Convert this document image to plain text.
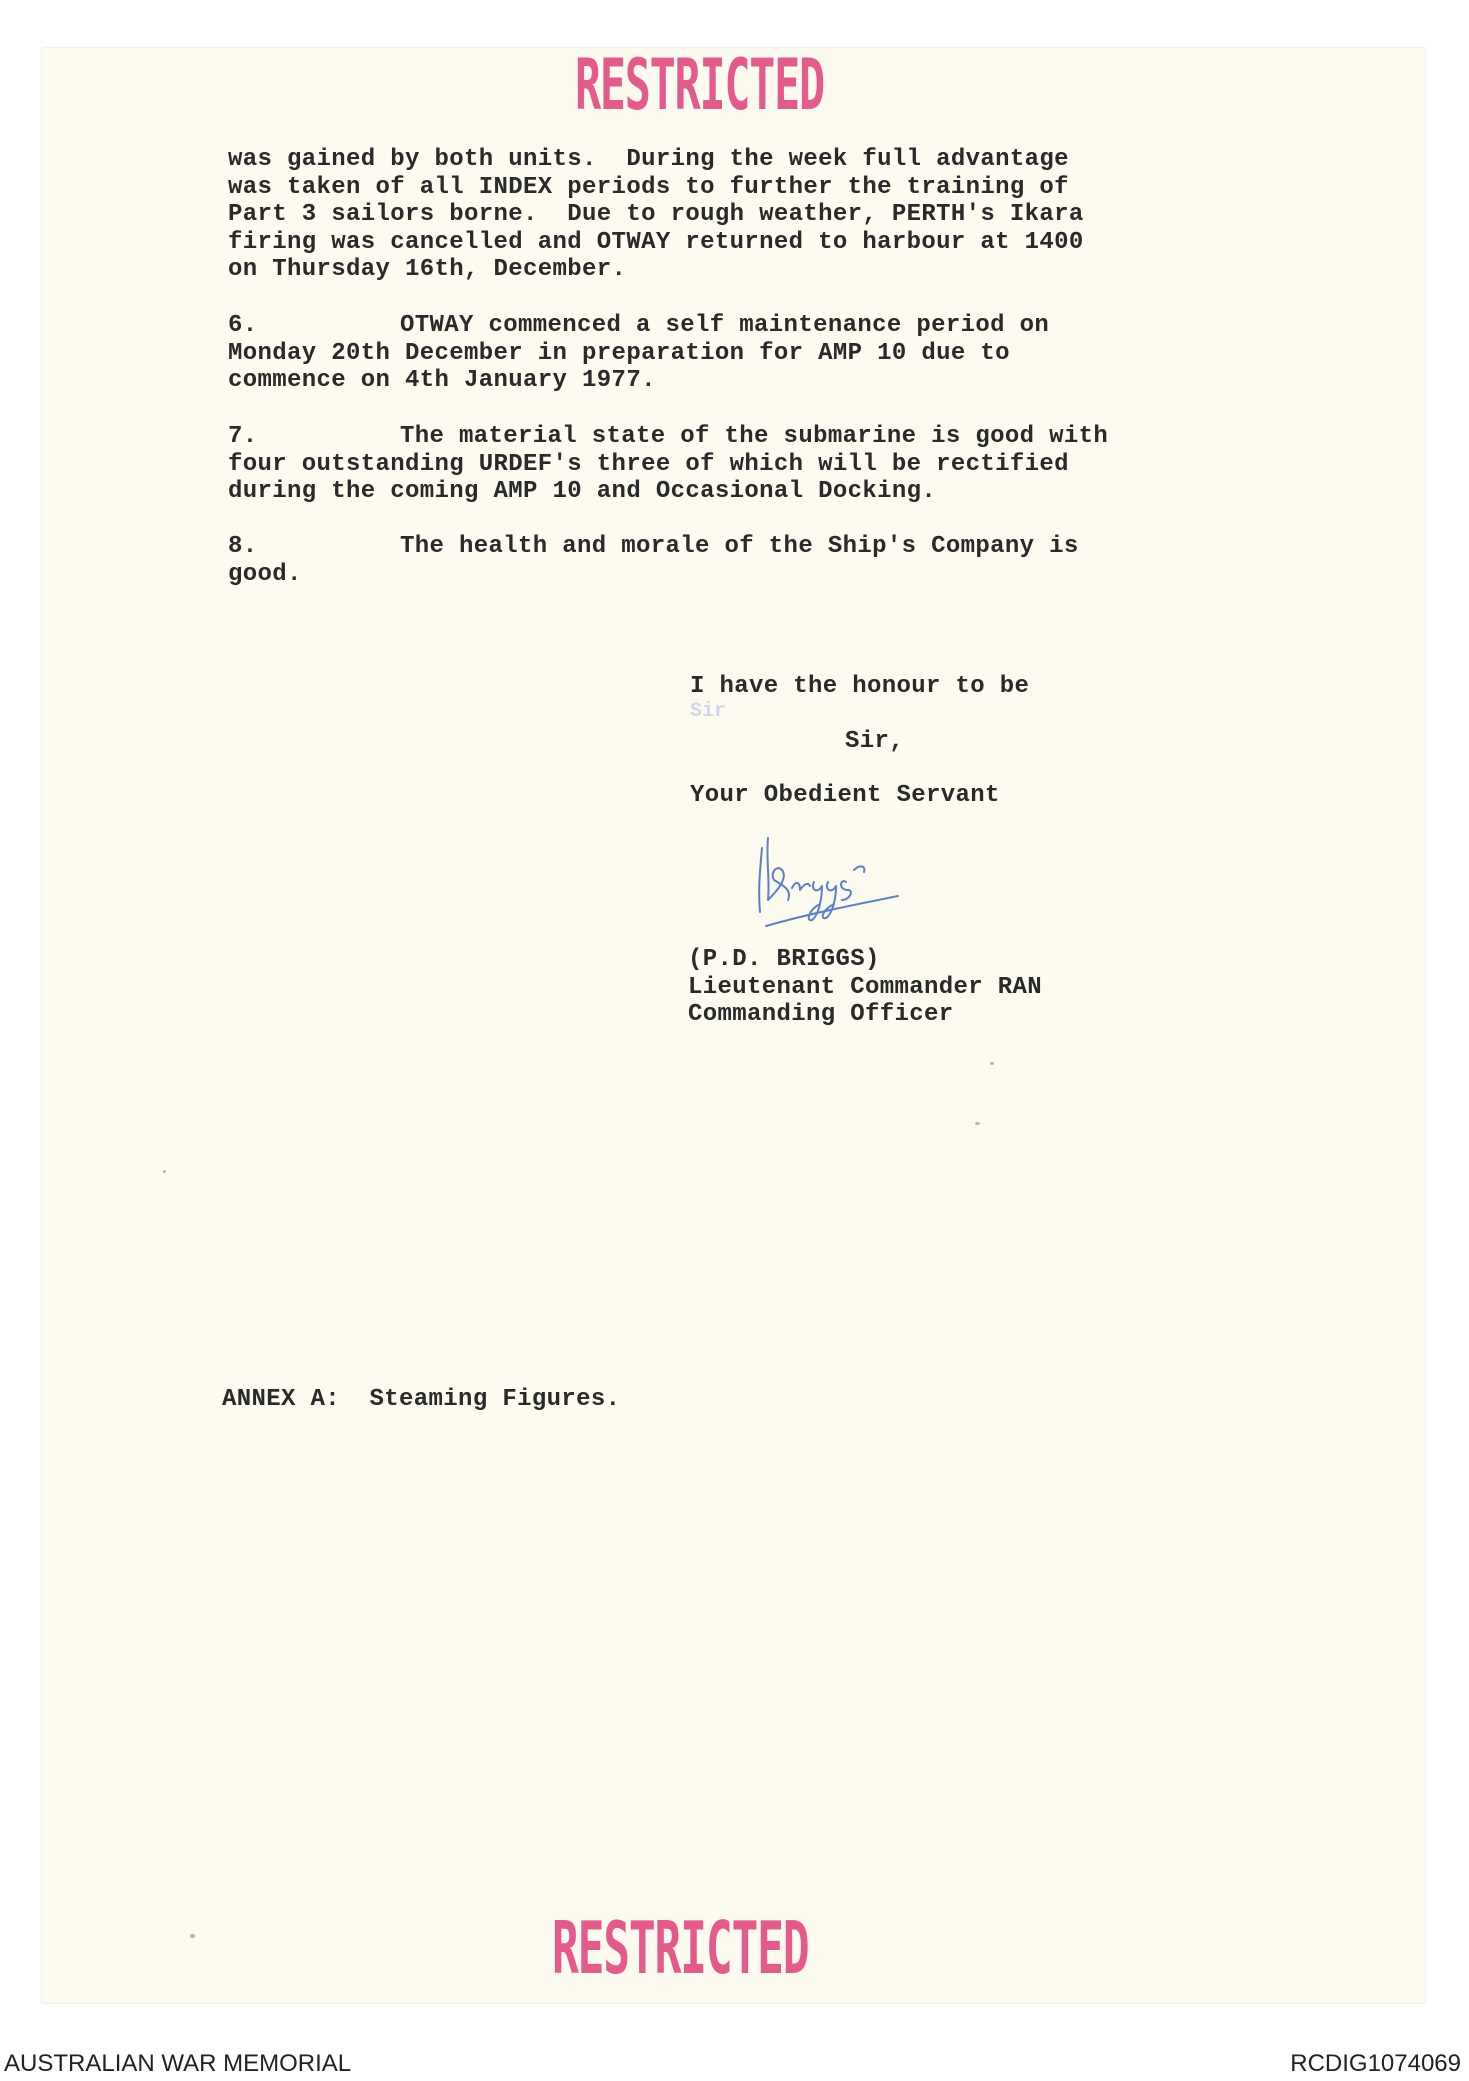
RESTRICTED
was gained by both units.  During the week full advantage
was taken of all INDEX periods to further the training of
Part 3 sailors borne.  Due to rough weather, PERTH's Ikara
firing was cancelled and OTWAY returned to harbour at 1400
on Thursday 16th, December.
6.	OTWAY commenced a self maintenance period on
Monday 20th December in preparation for AMP 10 due to
commence on 4th January 1977.
7.	The material state of the submarine is good with
four outstanding URDEF's three of which will be rectified
during the coming AMP 10 and Occasional Docking.
8.	The health and morale of the Ship's Company is
good.
I have the honour to be
Sir
Sir,
Your Obedient Servant
(P.D. BRIGGS)
Lieutenant Commander RAN
Commanding Officer
ANNEX A: Steaming Figures.
RESTRICTED
AUSTRALIAN WAR MEMORIAL	RCDIG1074069
